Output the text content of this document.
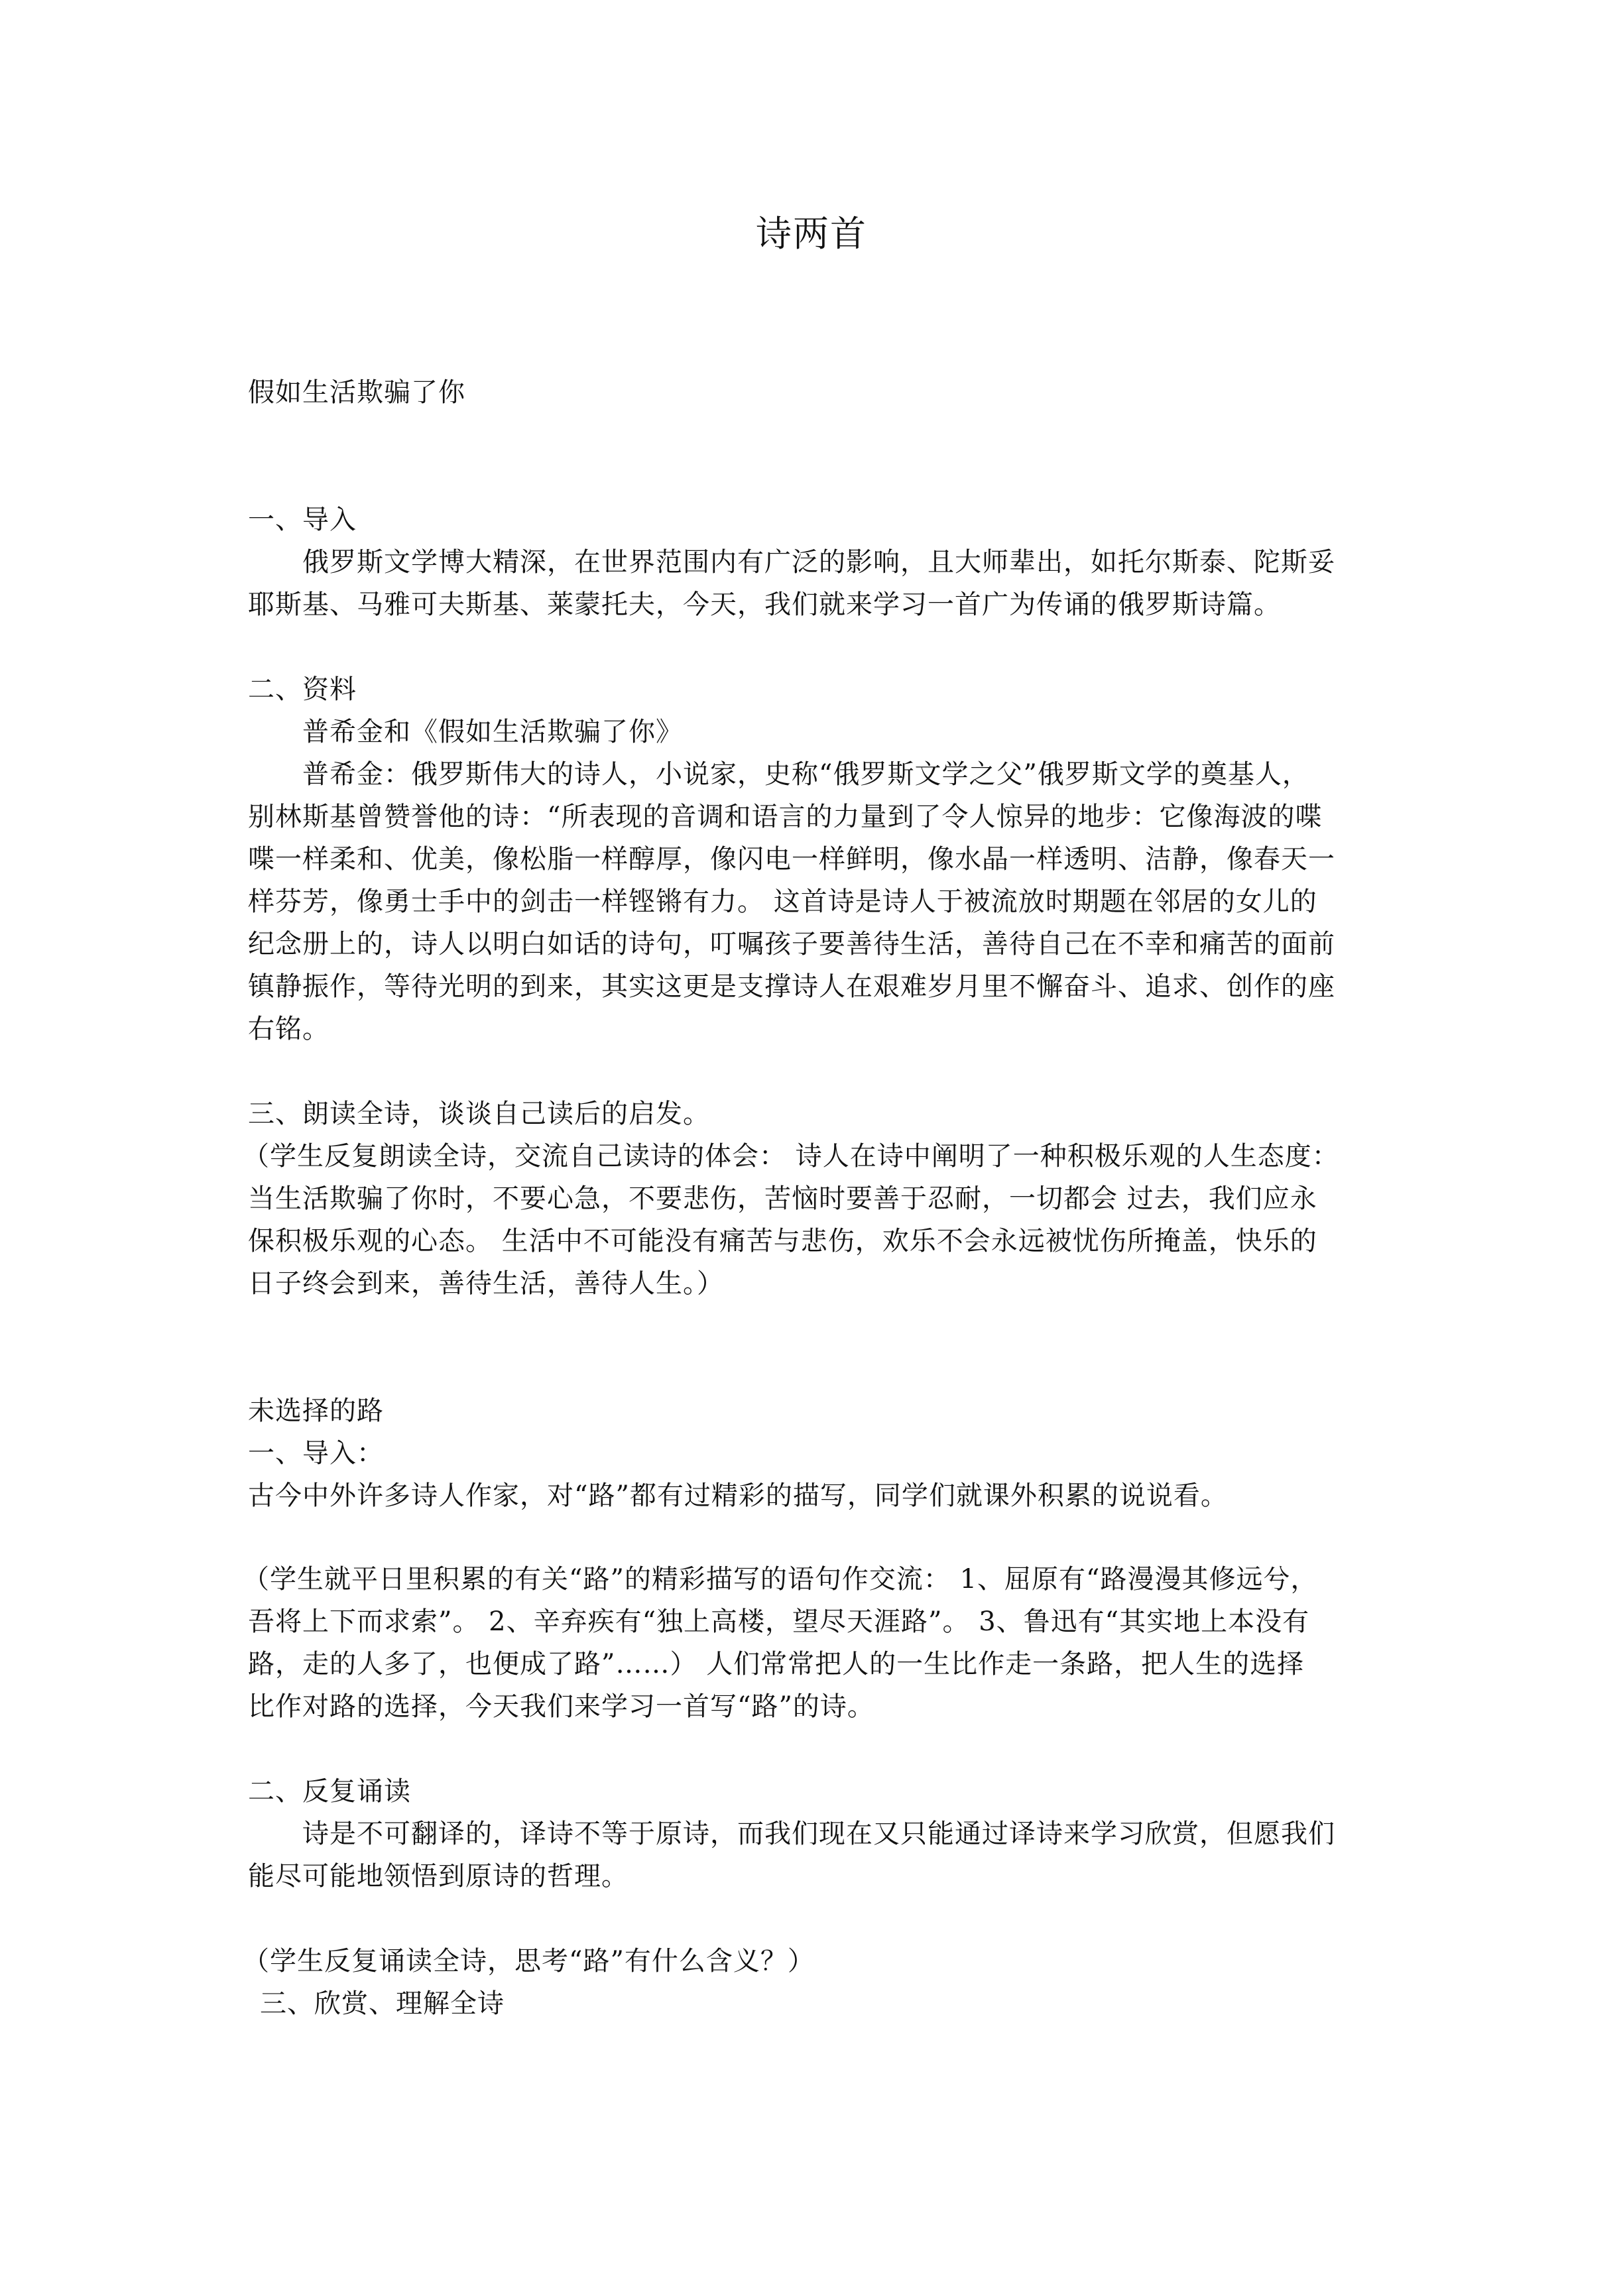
诗两首
假如生活欺骗了你
一、导入
俄罗斯文学博大精深，在世界范围内有广泛的影响，且大师辈出，如托尔斯泰、陀斯妥
耶斯基、马雅可夫斯基、莱蒙托夫，今天，我们就来学习一首广为传诵的俄罗斯诗篇。
二、资料
普希金和《假如生活欺骗了你》
普希金：俄罗斯伟大的诗人，小说家，史称“俄罗斯文学之父”俄罗斯文学的奠基人，
别林斯基曾赞誉他的诗：“所表现的音调和语言的力量到了令人惊异的地步：它像海波的喋
喋一样柔和、优美，像松脂一样醇厚，像闪电一样鲜明，像水晶一样透明、洁静，像春天一
样芬芳，像勇士手中的剑击一样铿锵有力。 这首诗是诗人于被流放时期题在邻居的女儿的
纪念册上的，诗人以明白如话的诗句，叮嘱孩子要善待生活，善待自己在不幸和痛苦的面前
镇静振作，等待光明的到来，其实这更是支撑诗人在艰难岁月里不懈奋斗、追求、创作的座
右铭。
三、朗读全诗，谈谈自己读后的启发。
（学生反复朗读全诗，交流自己读诗的体会： 诗人在诗中阐明了一种积极乐观的人生态度：
当生活欺骗了你时，不要心急，不要悲伤，苦恼时要善于忍耐，一切都会 过去，我们应永
保积极乐观的心态。 生活中不可能没有痛苦与悲伤，欢乐不会永远被忧伤所掩盖，快乐的
日子终会到来，善待生活，善待人生。）
未选择的路
一、导入：
古今中外许多诗人作家，对“路”都有过精彩的描写，同学们就课外积累的说说看。
（学生就平日里积累的有关“路”的精彩描写的语句作交流： 1、屈原有“路漫漫其修远兮，
吾将上下而求索”。 2、辛弃疾有“独上高楼，望尽天涯路”。 3、鲁迅有“其实地上本没有
路，走的人多了，也便成了路”……） 人们常常把人的一生比作走一条路，把人生的选择
比作对路的选择，今天我们来学习一首写“路”的诗。
二、反复诵读
诗是不可翻译的，译诗不等于原诗，而我们现在又只能通过译诗来学习欣赏，但愿我们
能尽可能地领悟到原诗的哲理。
（学生反复诵读全诗，思考“路”有什么含义？）
三、欣赏、理解全诗
